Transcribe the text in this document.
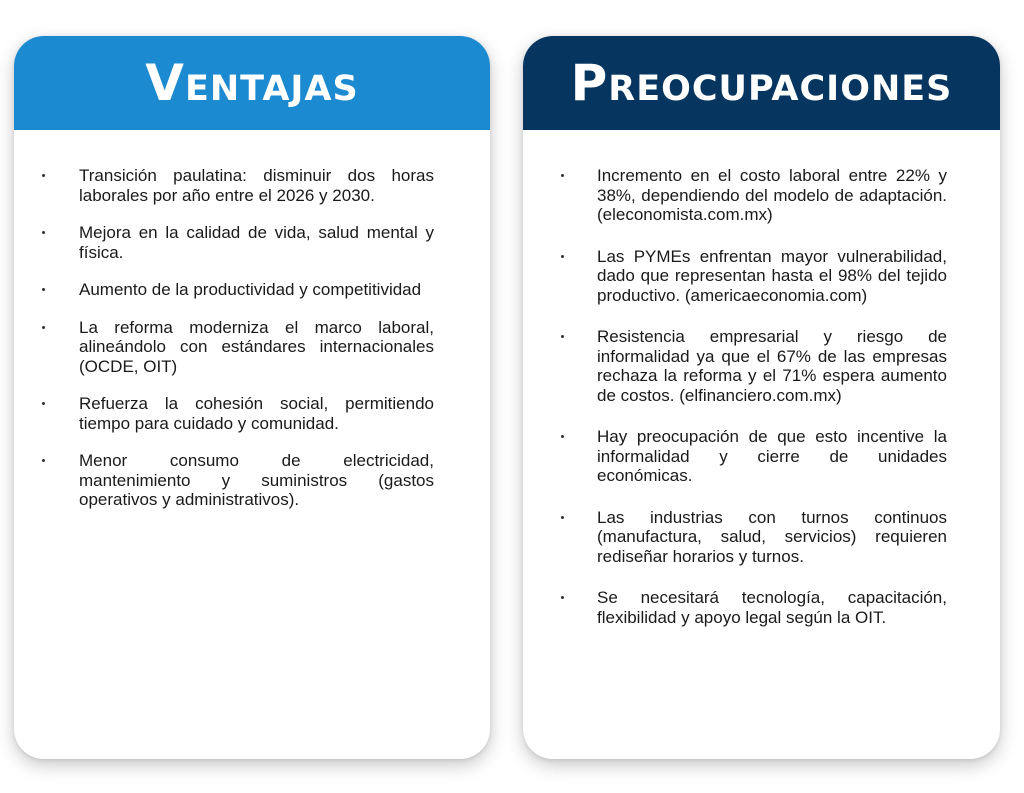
Ventajas
Transición paulatina: disminuir dos horas laborales por año entre el 2026 y 2030.
Mejora en la calidad de vida, salud mental y física.
Aumento de la productividad y competitividad
La reforma moderniza el marco laboral, alineándolo con estándares internacionales (OCDE, OIT)
Refuerza la cohesión social, permitiendo tiempo para cuidado y comunidad.
Menor consumo de electricidad, mantenimiento y suministros (gastos operativos y administrativos).
Preocupaciones
Incremento en el costo laboral entre 22% y 38%, dependiendo del modelo de adaptación. (eleconomista.com.mx)
Las PYMEs enfrentan mayor vulnerabilidad, dado que representan hasta el 98% del tejido productivo. (americaeconomia.com)
Resistencia empresarial y riesgo de informalidad ya que el 67% de las empresas rechaza la reforma y el 71% espera aumento de costos. (elfinanciero.com.mx)
Hay preocupación de que esto incentive la informalidad y cierre de unidades económicas.
Las industrias con turnos continuos (manufactura, salud, servicios) requieren rediseñar horarios y turnos.
Se necesitará tecnología, capacitación, flexibilidad y apoyo legal según la OIT.
